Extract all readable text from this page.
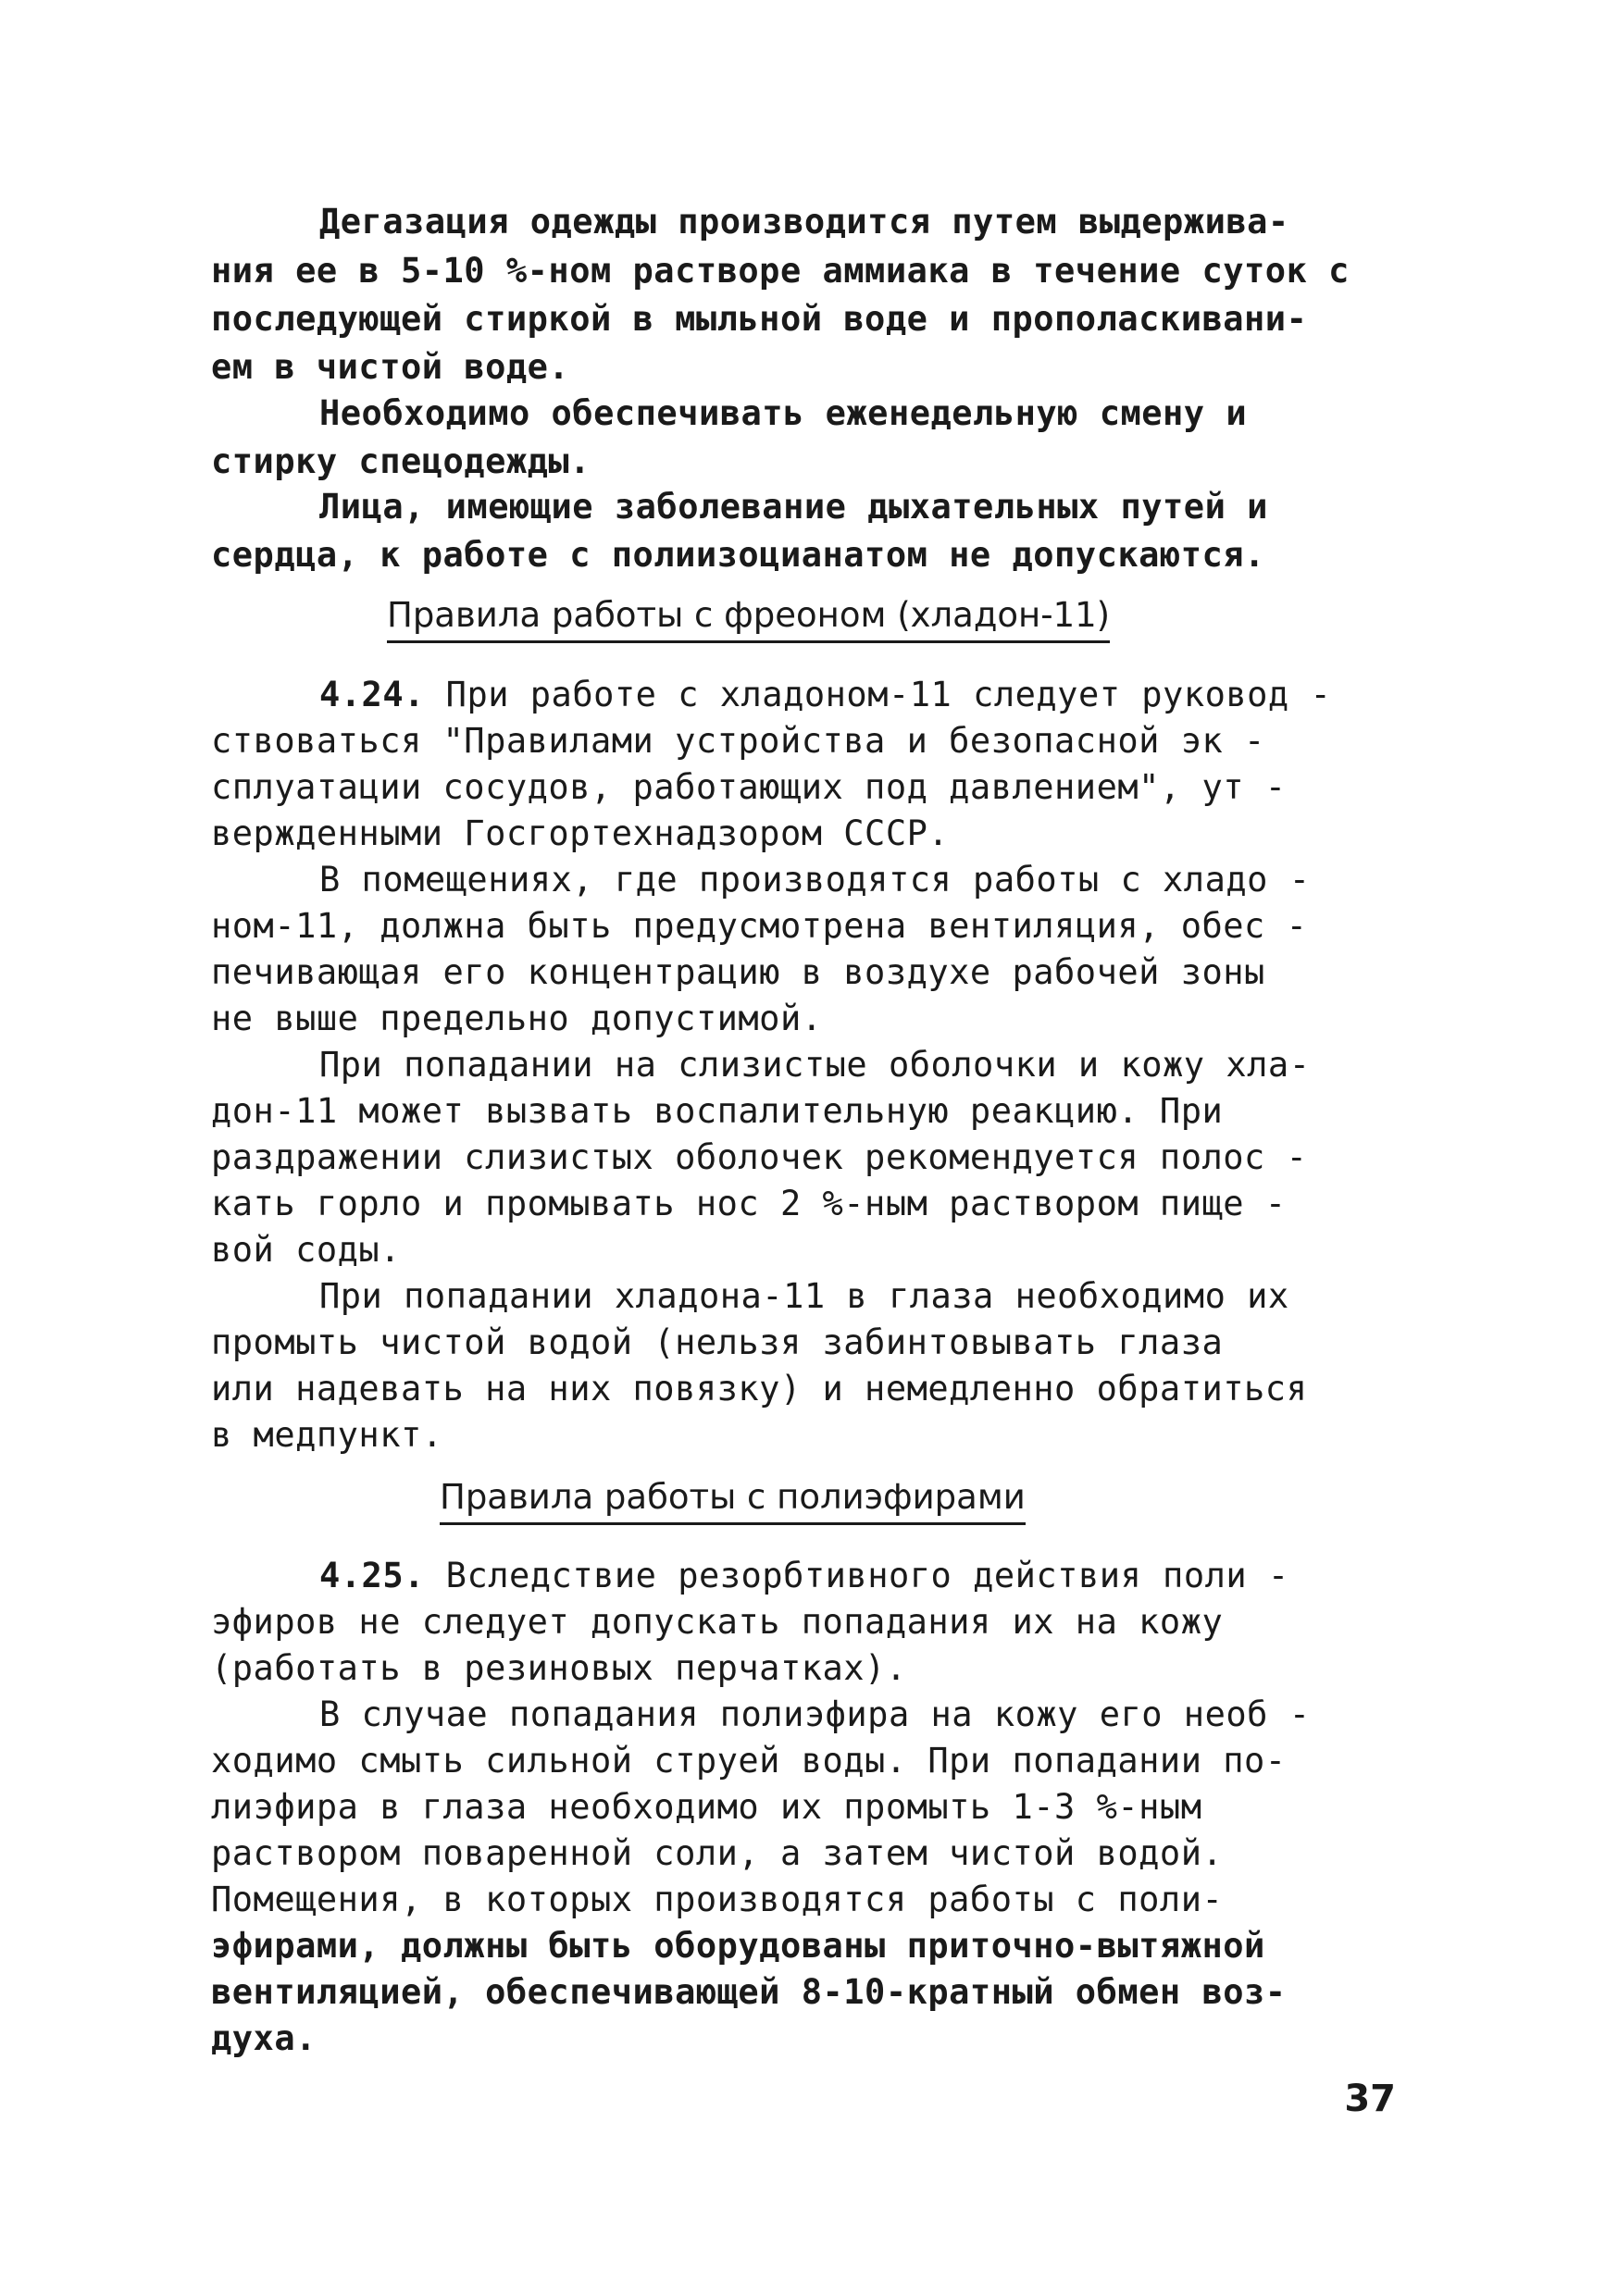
Дегазация одежды производится путем выдержива-
ния ее в 5-10 %-ном растворе аммиака в течение суток с
последующей стиркой в мыльной воде и прополаскивани-
ем в чистой воде.
Необходимо обеспечивать еженедельную смену и
стирку спецодежды.
Лица, имеющие заболевание дыхательных путей и
сердца, к работе с полиизоцианатом не допускаются.
Правила работы с фреоном (хладон-11)
4.24. При работе с хладоном-11 следует руковод -
ствоваться "Правилами устройства и безопасной эк -
сплуатации сосудов, работающих под давлением", ут -
вержденными Госгортехнадзором СССР.
В помещениях, где производятся работы с хладо -
ном-11, должна быть предусмотрена вентиляция, обес -
печивающая его концентрацию в воздухе рабочей зоны
не выше предельно допустимой.
При попадании на слизистые оболочки и кожу хла-
дон-11 может вызвать воспалительную реакцию. При
раздражении слизистых оболочек рекомендуется полос -
кать горло и промывать нос 2 %-ным раствором пище -
вой соды.
При попадании хладона-11 в глаза необходимо их
промыть чистой водой (нельзя забинтовывать глаза
или надевать на них повязку) и немедленно обратиться
в медпункт.
Правила работы с полиэфирами
4.25. Вследствие резорбтивного действия поли -
эфиров не следует допускать попадания их на кожу
(работать в резиновых перчатках).
В случае попадания полиэфира на кожу его необ -
ходимо смыть сильной струей воды. При попадании по-
лиэфира в глаза необходимо их промыть 1-3 %-ным
раствором поваренной соли, а затем чистой водой.
Помещения, в которых производятся работы с поли-
эфирами, должны быть оборудованы приточно-вытяжной
вентиляцией, обеспечивающей 8-10-кратный обмен воз-
духа.
37
